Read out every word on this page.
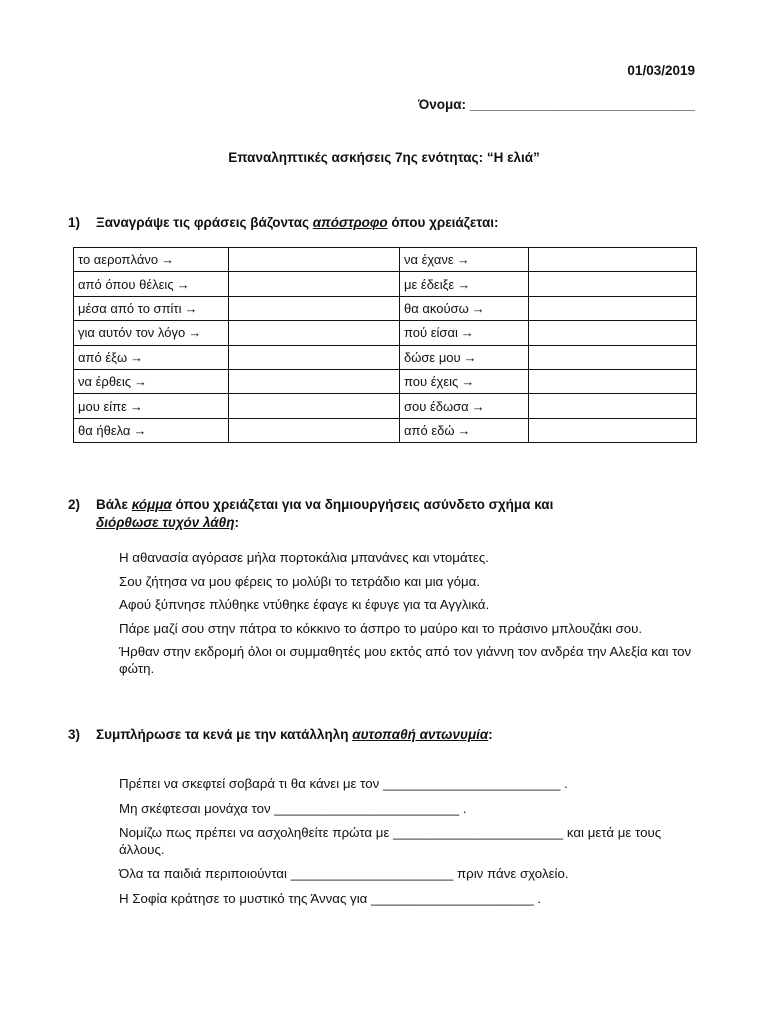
01/03/2019
Όνομα: ______________________________
Επαναληπτικές ασκήσεις 7ης ενότητας: “Η ελιά”
1) Ξαναγράψε τις φράσεις βάζοντας απόστροφο όπου χρειάζεται:
το αεροπλάνο →		να έχανε →	
από όπου θέλεις →		με έδειξε →	
μέσα από το σπίτι →		θα ακούσω →	
για αυτόν τον λόγο →		πού είσαι →	
από έξω →		δώσε μου →	
να έρθεις →		που έχεις →	
μου είπε →		σου έδωσα →	
θα ήθελα →		από εδώ →	
2) Βάλε κόμμα όπου χρειάζεται για να δημιουργήσεις ασύνδετο σχήμα και
διόρθωσε τυχόν λάθη:
Η αθανασία αγόρασε μήλα πορτοκάλια μπανάνες και ντομάτες.
Σου ζήτησα να μου φέρεις το μολύβι το τετράδιο και μια γόμα.
Αφού ξύπνησε πλύθηκε ντύθηκε έφαγε κι έφυγε για τα Αγγλικά.
Πάρε μαζί σου στην πάτρα το κόκκινο το άσπρο το μαύρο και το πράσινο μπλουζάκι σου.
Ήρθαν στην εκδρομή όλοι οι συμμαθητές μου εκτός από τον γιάννη τον ανδρέα την Αλεξία και τον φώτη.
3) Συμπλήρωσε τα κενά με την κατάλληλη αυτοπαθή αντωνυμία:
Πρέπει να σκεφτεί σοβαρά τι θα κάνει με τον ________________________ .
Μη σκέφτεσαι μονάχα τον _________________________ .
Νομίζω πως πρέπει να ασχοληθείτε πρώτα με _______________________ και μετά με τους άλλους.
Όλα τα παιδιά περιποιούνται ______________________ πριν πάνε σχολείο.
Η Σοφία κράτησε το μυστικό της Άννας για ______________________ .
